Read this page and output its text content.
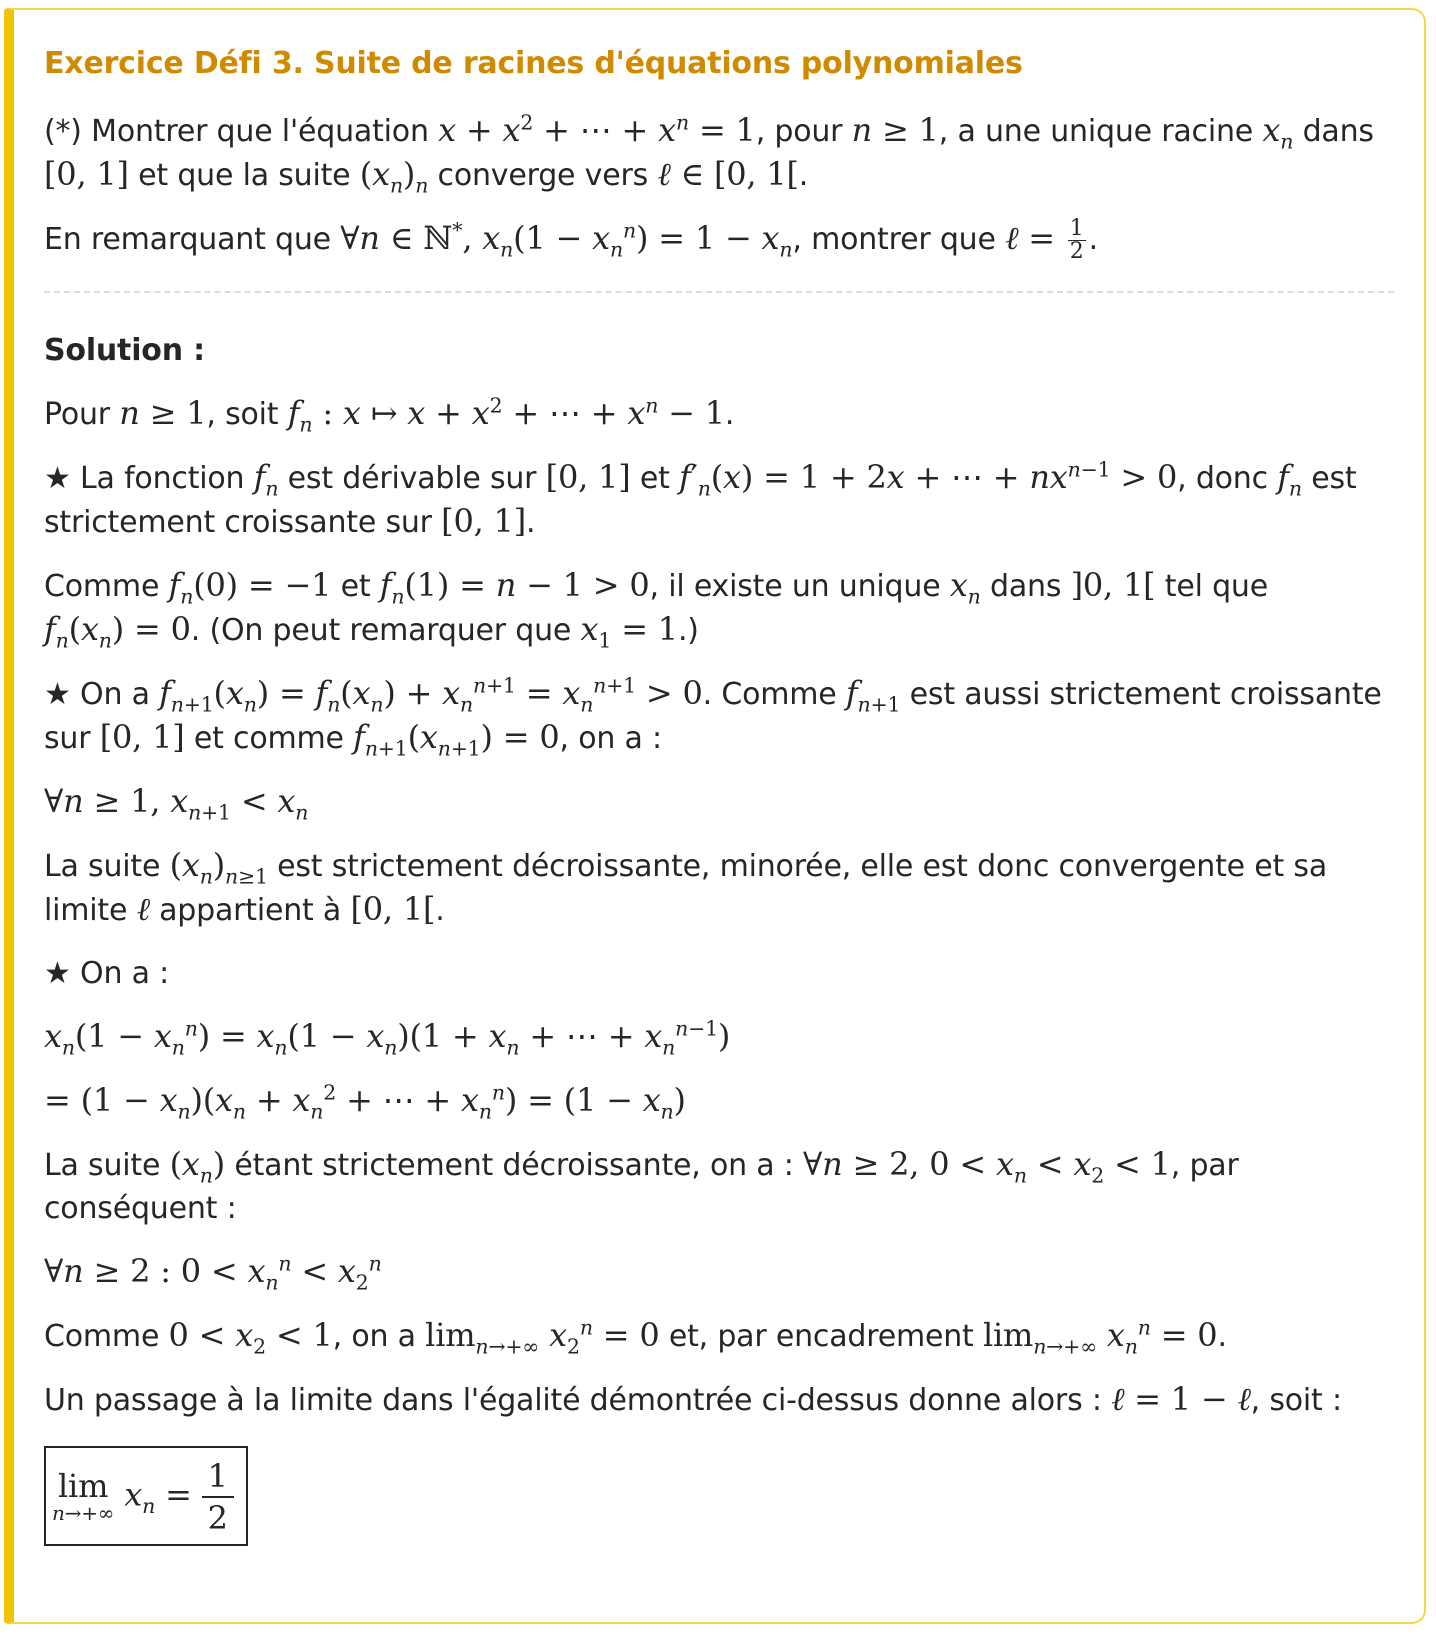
Exercice Défi 3. Suite de racines d'équations polynomiales

(*) Montrer que l'équation $x + x^2$ + ⋯ + $x^n = 1$, pour n ≥ 1, a une unique racine $x_n$ dans [0, 1] et que la suite $(x_n)_n$ converge vers ℓ ∈ [0, 1[.

En remarquant que ∀n ∈ ℕ*, $x_n(1 - x_n^n) = 1 - x_n$, montrer que ℓ = $\frac{1}{2}$ .

Solution :

Pour n ≥ 1, soit $f_n$ : x ↦ $x + x^2$ + ⋯ + $x^n - 1$.

★ La fonction $f_n$ est dérivable sur [0, 1] et $f'_n(x) = 1 + 2x$ + ⋯ + $nx^{n-1} > 0$, donc $f_n$ est strictement croissante sur [0, 1].

Comme $f_n(0) = -1$ et $f_n(1) = n - 1 > 0$, il existe un unique $x_n$ dans ]0, 1[ tel que $f_n(x_n) = 0$. (On peut remarquer que $x_1 = 1$.)

★ On a $f_{n+1}(x_n) = f_n(x_n) + x_n^{n+1} = x_n^{n+1} > 0$. Comme $f_{n+1}$ est aussi strictement croissante sur [0, 1] et comme $f_{n+1}(x_{n+1}) = 0$, on a :

∀n ≥ 1, $x_{n+1} < x_n$

La suite $(x_n)_{n\ge 1}$ est strictement décroissante, minorée, elle est donc convergente et sa limite ℓ appartient à [0, 1[.

★ On a :

$x_n(1 - x_n^n) = x_n(1 - x_n)(1 + x_n$ + ⋯ + $x_n^{n-1}$)

= $(1 - x_n)(x_n + x_n^2$ + ⋯ + $x_n^n) = (1 - x_n)$

La suite $(x_n)$ étant strictement décroissante, on a : ∀n ≥ 2, $0 < x_n < x_2 < 1$, par conséquent :

∀n ≥ 2 : $0 < x_n^n < x_2^n$

Comme $0 < x_2 < 1$, on a $\lim_{n\to+\infty} x_2^n = 0$ et, par encadrement $\lim_{n\to+\infty} x_n^n = 0$.

Un passage à la limite dans l'égalité démontrée ci-dessus donne alors : ℓ = 1 − ℓ, soit :

lim
n→+∞ $x_n = \frac{1}{2}$
